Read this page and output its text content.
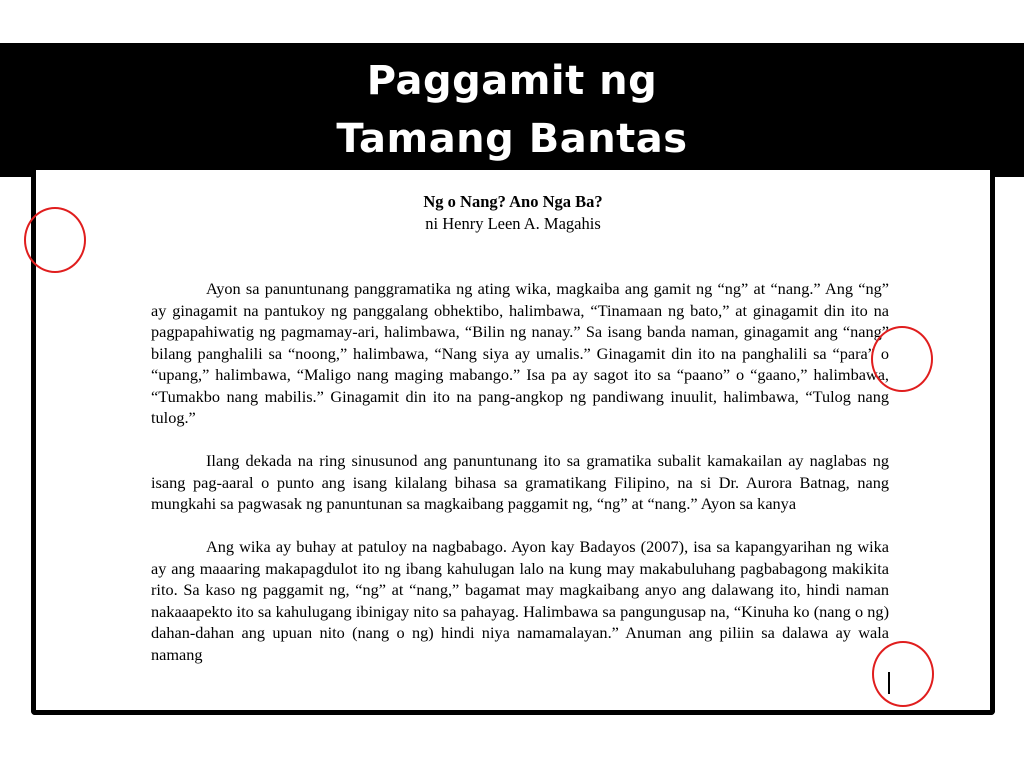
Paggamit ng
Tamang Bantas
Ng o Nang? Ano Nga Ba?
ni Henry Leen A. Magahis

Ayon sa panuntunang panggramatika ng ating wika, magkaiba ang gamit ng “ng” at “nang.” Ang “ng” ay ginagamit na pantukoy ng panggalang obhektibo, halimbawa, “Tinamaan ng bato,” at ginagamit din ito na pagpapahiwatig ng pagmamay-ari, halimbawa, “Bilin ng nanay.” Sa isang banda naman, ginagamit ang “nang” bilang panghalili sa “noong,” halimbawa, “Nang siya ay umalis.” Ginagamit din ito na panghalili sa “para” o “upang,” halimbawa, “Maligo nang maging mabango.” Isa pa ay sagot ito sa “paano” o “gaano,” halimbawa, “Tumakbo nang mabilis.” Ginagamit din ito na pang-angkop ng pandiwang inuulit, halimbawa, “Tulog nang tulog.”

Ilang dekada na ring sinusunod ang panuntunang ito sa gramatika subalit kamakailan ay naglabas ng isang pag-aaral o punto ang isang kilalang bihasa sa gramatikang Filipino, na si Dr. Aurora Batnag, nang mungkahi sa pagwasak ng panuntunan sa magkaibang paggamit ng, “ng” at “nang.” Ayon sa kanya

Ang wika ay buhay at patuloy na nagbabago. Ayon kay Badayos (2007), isa sa kapangyarihan ng wika ay ang maaaring makapagdulot ito ng ibang kahulugan lalo na kung may makabuluhang pagbabagong makikita rito. Sa kaso ng paggamit ng, “ng” at “nang,” bagamat may magkaibang anyo ang dalawang ito, hindi naman nakaaapekto ito sa kahulugang ibinigay nito sa pahayag. Halimbawa sa pangungusap na, “Kinuha ko (nang o ng) dahan-dahan ang upuan nito (nang o ng) hindi niya namamalayan.” Anuman ang piliin sa dalawa ay wala namang
